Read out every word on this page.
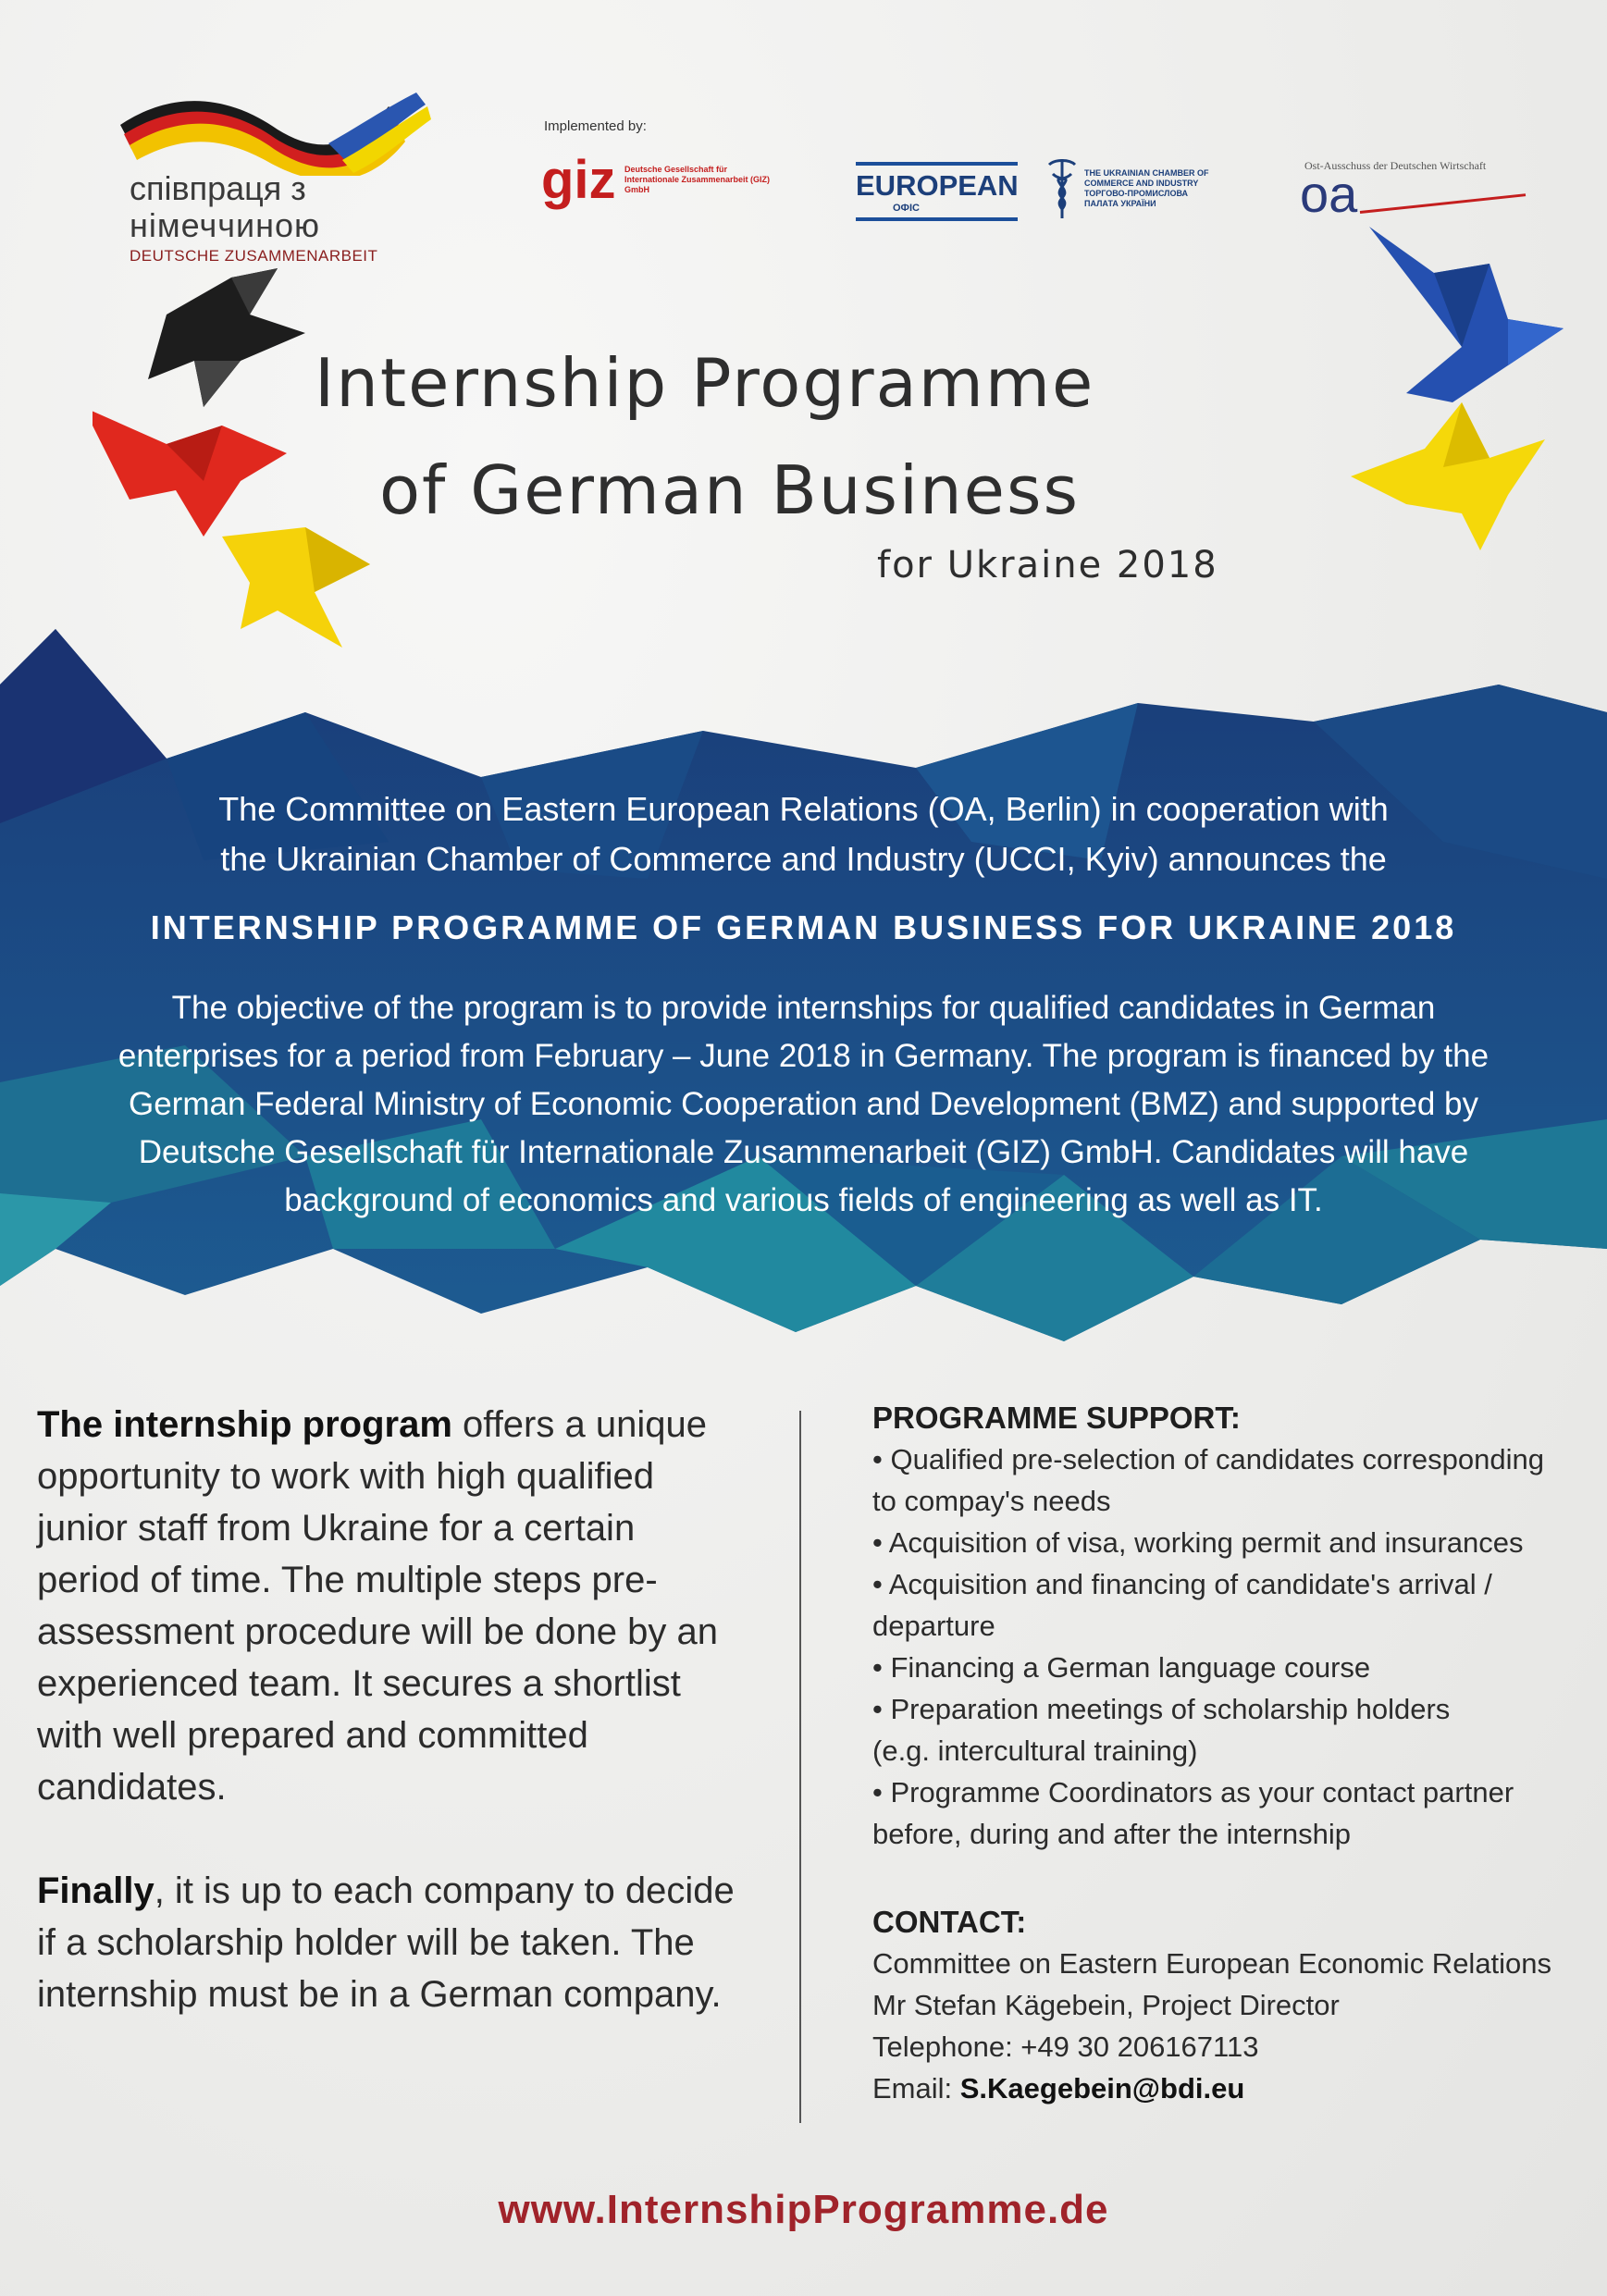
співпраця з
німеччиною
DEUTSCHE ZUSAMMENARBEIT
Implemented by:
giz Deutsche Gesellschaft für Internationale Zusammenarbeit (GIZ) GmbH	EUROPEAN
ОФІС
THE UKRAINIAN CHAMBER OF COMMERCE AND INDUSTRY ТОРГОВО-ПРОМИСЛОВА ПАЛАТА УКРАЇНИ
Ost-Ausschuss der Deutschen Wirtschaft
oa
Internship Programme
of German Business
for Ukraine 2018
The Committee on Eastern European Relations (OA, Berlin) in cooperation with
the Ukrainian Chamber of Commerce and Industry (UCCI, Kyiv) announces the
INTERNSHIP PROGRAMME OF GERMAN BUSINESS FOR UKRAINE 2018
The objective of the program is to provide internships for qualified candidates in German
enterprises for a period from February – June 2018 in Germany. The program is financed by the
German Federal Ministry of Economic Cooperation and Development (BMZ) and supported by
Deutsche Gesellschaft für Internationale Zusammenarbeit (GIZ) GmbH. Candidates will have
background of economics and various fields of engineering as well as IT.

The internship program offers a unique
opportunity to work with high qualified
junior staff from Ukraine for a certain
period of time. The multiple steps pre-
assessment procedure will be done by an
experienced team. It secures a shortlist
with well prepared and committed
candidates.

Finally, it is up to each company to decide
if a scholarship holder will be taken. The
internship must be in a German company.

PROGRAMME SUPPORT:

• Qualified pre-selection of candidates corresponding

to compay's needs

• Acquisition of visa, working permit and insurances

• Acquisition and financing of candidate's arrival /

departure

• Financing a German language course

• Preparation meetings of scholarship holders

(e.g. intercultural training)

• Programme Coordinators as your contact partner

before, during and after the internship

CONTACT:

Committee on Eastern European Economic Relations

Mr Stefan Kägebein, Project Director

Telephone: +49 30 206167113

Email: S.Kaegebein@bdi.eu

www.InternshipProgramme.de
